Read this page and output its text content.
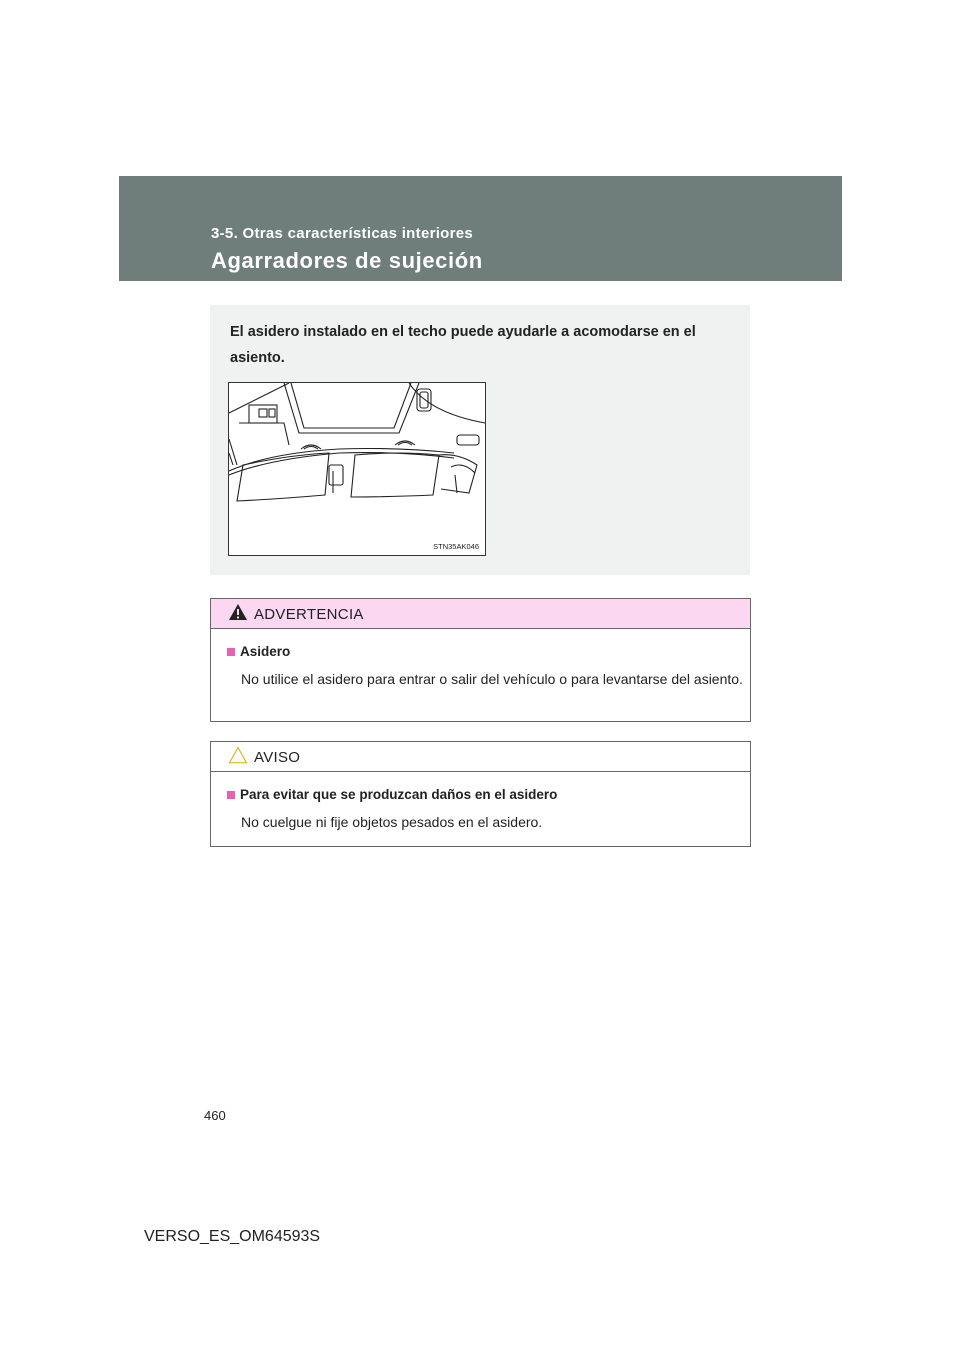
3-5. Otras características interiores
Agarradores de sujeción
El asidero instalado en el techo puede ayudarle a acomodarse en el asiento.
STN35AK046
ADVERTENCIA
Asidero
No utilice el asidero para entrar o salir del vehículo o para levantarse del asiento.
AVISO
Para evitar que se produzcan daños en el asidero
No cuelgue ni fije objetos pesados en el asidero.
460
VERSO_ES_OM64593S
